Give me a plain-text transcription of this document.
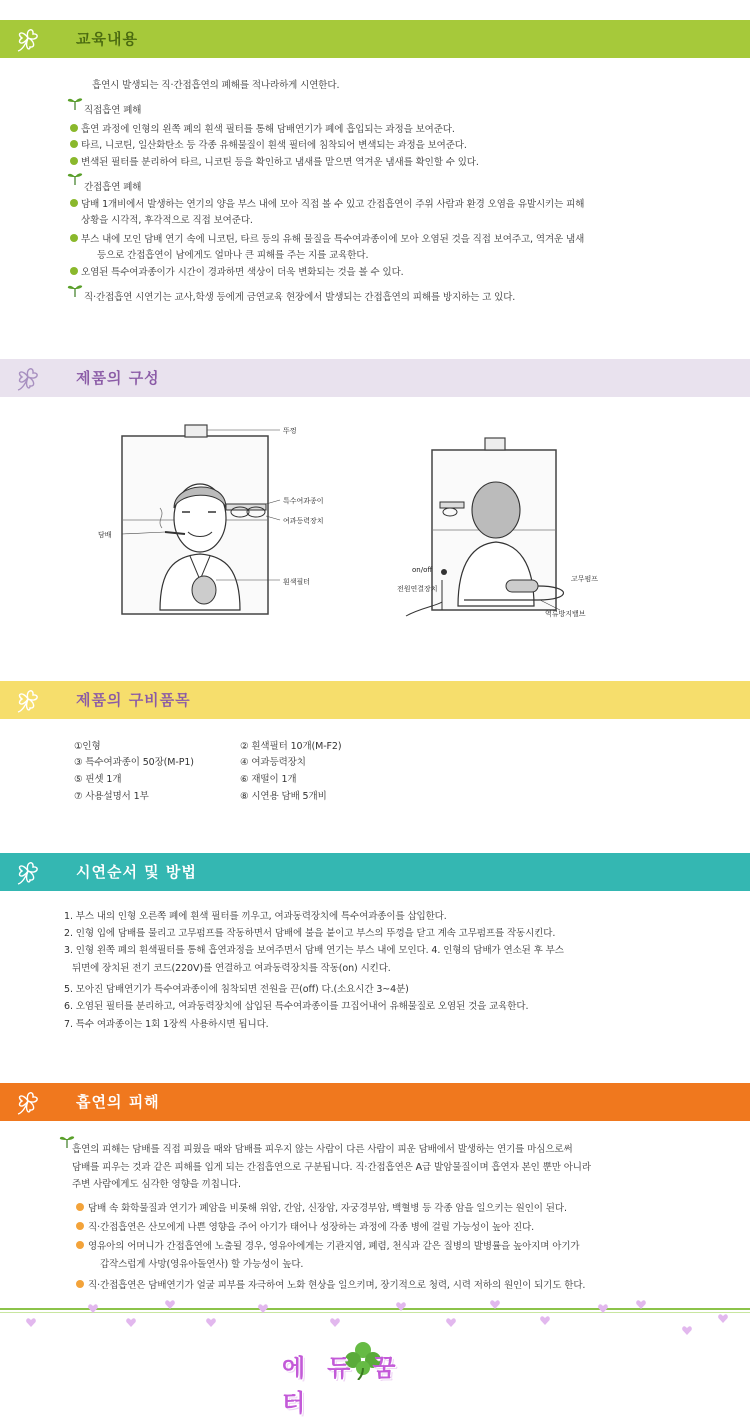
교육내용
흡연시 발생되는 직·간접흡연의 폐해를 적나라하게 시연한다.
직접흡연 폐해
흡연 과정에 인형의 왼쪽 폐의 흰색 필터를 통해 담배연기가 폐에 흡입되는 과정을 보여준다.
타르, 니코틴, 일산화탄소 등 각종 유해물질이 흰색 필터에 침착되어 변색되는 과정을 보여준다.
변색된 필터를 분리하여 타르, 니코틴 등을 확인하고 냄새를 맡으면 역겨운 냄새를 확인할 수 있다.
간접흡연 폐해
담배 1개비에서 발생하는 연기의 양을 부스 내에 모아 직접 볼 수 있고 간접흡연이 주위 사람과 환경 오염을 유발시키는 피해
상황을 시각적, 후각적으로 직접 보여준다.
부스 내에 모인 담배 연기 속에 니코틴, 타르 등의 유해 물질을 특수여과종이에 모아 오염된 것을 직접 보여주고, 역겨운 냄새
등으로 간접흡연이 남에게도 얼마나 큰 피해를 주는 지를 교육한다.
오염된 특수여과종이가 시간이 경과하면 색상이 더욱 변화되는 것을 볼 수 있다.
직·간접흡연 시연기는 교사,학생 등에게 금연교육 현장에서 발생되는 간접흡연의 피해를 방지하는 고 있다.
제품의 구성
뚜껑
특수여과종이
여과등력장치
담배
흰색필터
on/off
전원연결장치
고무펌프
역류방지밸브
제품의 구비품목
①인형	② 흰색필터 10개(M-F2)
③ 특수여과종이 50장(M-P1)	④ 여과등력장치
⑤ 핀셋 1개	⑥ 재떨이 1개
⑦ 사용설명서 1부	⑧ 시연용 담배 5개비
시연순서 및 방법
1. 부스 내의 인형 오른쪽 폐에 흰색 필터를 끼우고, 여과동력장치에 특수여과종이를 삽입한다.
2. 인형 입에 담배를 물리고 고무펌프를 작동하면서 담배에 불을 붙이고 부스의 뚜껑을 닫고 계속 고무펌프를 작동시킨다.
3. 인형 왼쪽 폐의 흰색필터를 통해 흡연과정을 보여주면서 담배 연기는 부스 내에 모인다. 4. 인형의 담배가 연소된 후 부스
뒤면에 장치된 전기 코드(220V)를 연결하고 여과동력장치를 작동(on) 시킨다.
5. 모아진 담배연기가 특수여과종이에 침착되면 전원을 끈(off) 다.(소요시간 3~4분)
6. 오염된 필터를 분리하고, 여과동력장치에 삽입된 특수여과종이를 끄집어내어 유해물질로 오염된 것을 교육한다.
7. 특수 여과종이는 1회 1장씩 사용하시면 됩니다.
흡연의 피해
흡연의 피해는 담배를 직접 피웠을 때와 담배를 피우지 않는 사람이 다른 사람이 피운 담배에서 발생하는 연기를 마심으로써
담배를 피우는 것과 같은 피해를 입게 되는 간접흡연으로 구분됩니다. 직·간접흡연은 A급 발암물질이며 흡연자 본인 뿐만 아니라
주변 사람에게도 심각한 영향을 끼칩니다.
담배 속 화학물질과 연기가 폐암을 비롯해 위암, 간암, 신장암, 자궁경부암, 백혈병 등 각종 암을 일으키는 원인이 된다.
직·간접흡연은 산모에게 나쁜 영향을 주어 아기가 태어나 성장하는 과정에 각종 병에 걸릴 가능성이 높아 진다.
영유아의 어머니가 간접흡연에 노출될 경우, 영유아에게는 기관지염, 폐렴, 천식과 같은 질병의 발병률을 높아지며 아기가
갑작스럽게 사망(영유아돌연사) 할 가능성이 높다.
직·간접흡연은 담배연기가 얼굴 피부를 자극하여 노화 현상을 일으키며, 장기적으로 청력, 시력 저하의 원인이 되기도 한다.
에듀꿈터
